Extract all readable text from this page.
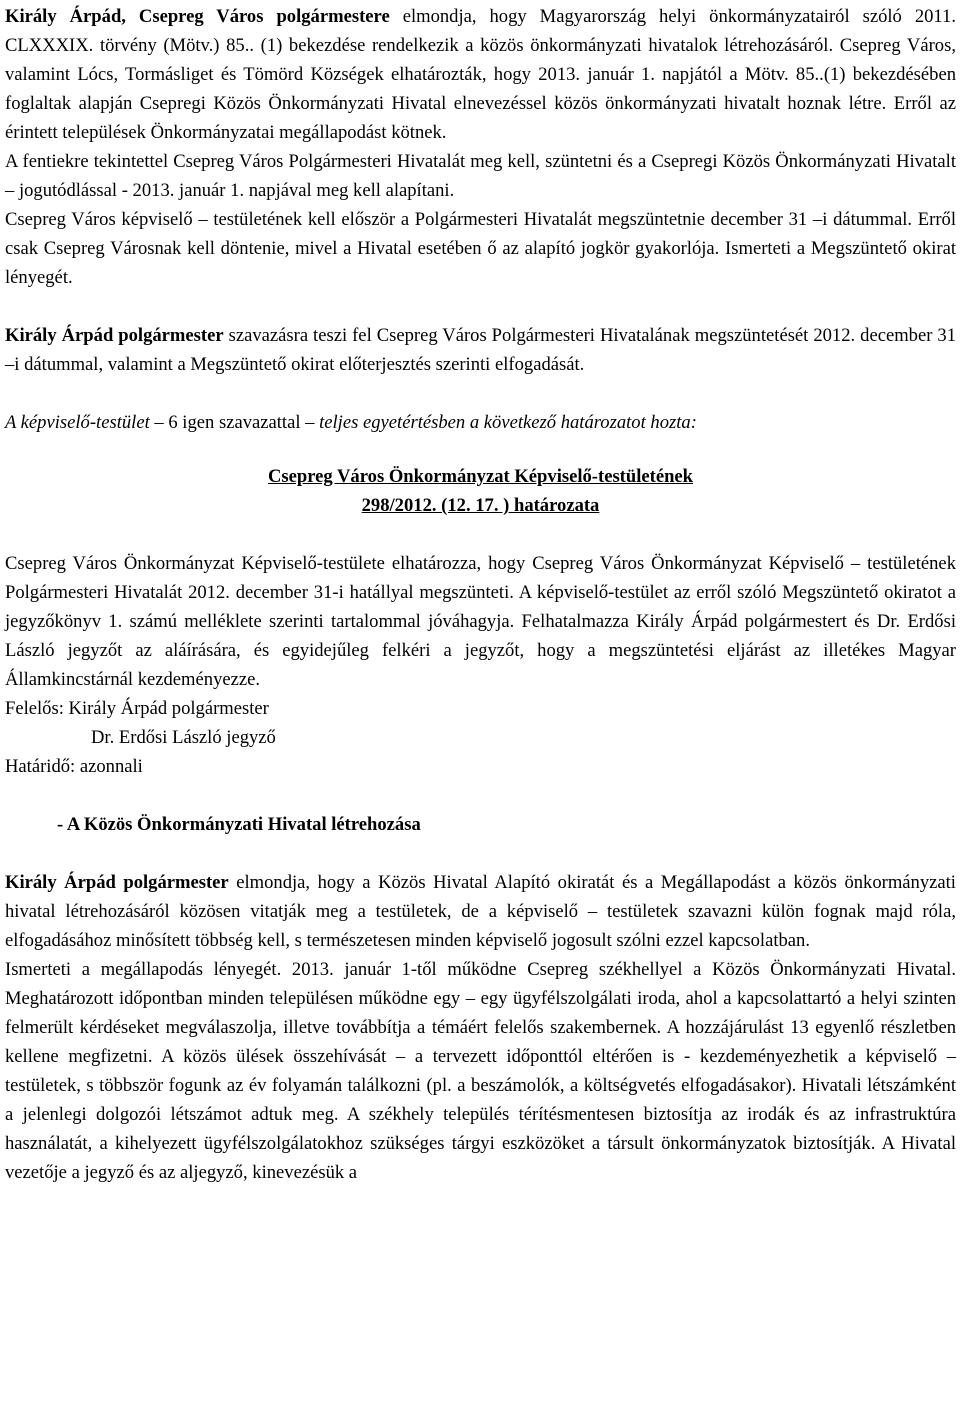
Király Árpád, Csepreg Város polgármestere elmondja, hogy Magyarország helyi önkormányzatairól szóló 2011. CLXXXIX. törvény (Mötv.) 85.. (1) bekezdése rendelkezik a közös önkormányzati hivatalok létrehozásáról. Csepreg Város, valamint Lócs, Tormásliget és Tömörd Községek elhatározták, hogy 2013. január 1. napjától a Mötv. 85..(1) bekezdésében foglaltak alapján Csepregi Közös Önkormányzati Hivatal elnevezéssel közös önkormányzati hivatalt hoznak létre. Erről az érintett települések Önkormányzatai megállapodást kötnek.

A fentiekre tekintettel Csepreg Város Polgármesteri Hivatalát meg kell, szüntetni és a Csepregi Közös Önkormányzati Hivatalt – jogutódlással - 2013. január 1. napjával meg kell alapítani.

Csepreg Város képviselő – testületének kell először a Polgármesteri Hivatalát megszüntetnie december 31 –i dátummal. Erről csak Csepreg Városnak kell döntenie, mivel a Hivatal esetében ő az alapító jogkör gyakorlója. Ismerteti a Megszüntető okirat lényegét.

Király Árpád polgármester szavazásra teszi fel Csepreg Város Polgármesteri Hivatalának megszüntetését 2012. december 31 –i dátummal, valamint a Megszüntető okirat előterjesztés szerinti elfogadását.

A képviselő-testület – 6 igen szavazattal – teljes egyetértésben a következő határozatot hozta:

Csepreg Város Önkormányzat Képviselő-testületének

298/2012. (12. 17. ) határozata

Csepreg Város Önkormányzat Képviselő-testülete elhatározza, hogy Csepreg Város Önkormányzat Képviselő – testületének Polgármesteri Hivatalát 2012. december 31-i hatállyal megszünteti. A képviselő-testület az erről szóló Megszüntető okiratot a jegyzőkönyv 1. számú melléklete szerinti tartalommal jóváhagyja. Felhatalmazza Király Árpád polgármestert és Dr. Erdősi László jegyzőt az aláírására, és egyidejűleg felkéri a jegyzőt, hogy a megszüntetési eljárást az illetékes Magyar Államkincstárnál kezdeményezze.

Felelős: Király Árpád polgármester

Dr. Erdősi László jegyző

Határidő: azonnali

- A Közös Önkormányzati Hivatal létrehozása

Király Árpád polgármester elmondja, hogy a Közös Hivatal Alapító okiratát és a Megállapodást a közös önkormányzati hivatal létrehozásáról közösen vitatják meg a testületek, de a képviselő – testületek szavazni külön fognak majd róla, elfogadásához minősített többség kell, s természetesen minden képviselő jogosult szólni ezzel kapcsolatban.

Ismerteti a megállapodás lényegét. 2013. január 1-től működne Csepreg székhellyel a Közös Önkormányzati Hivatal. Meghatározott időpontban minden településen működne egy – egy ügyfélszolgálati iroda, ahol a kapcsolattartó a helyi szinten felmerült kérdéseket megválaszolja, illetve továbbítja a témáért felelős szakembernek. A hozzájárulást 13 egyenlő részletben kellene megfizetni. A közös ülések összehívását – a tervezett időponttól eltérően is - kezdeményezhetik a képviselő – testületek, s többször fogunk az év folyamán találkozni (pl. a beszámolók, a költségvetés elfogadásakor). Hivatali létszámként a jelenlegi dolgozói létszámot adtuk meg. A székhely település térítésmentesen biztosítja az irodák és az infrastruktúra használatát, a kihelyezett ügyfélszolgálatokhoz szükséges tárgyi eszközöket a társult önkormányzatok biztosítják. A Hivatal vezetője a jegyző és az aljegyző, kinevezésük a
